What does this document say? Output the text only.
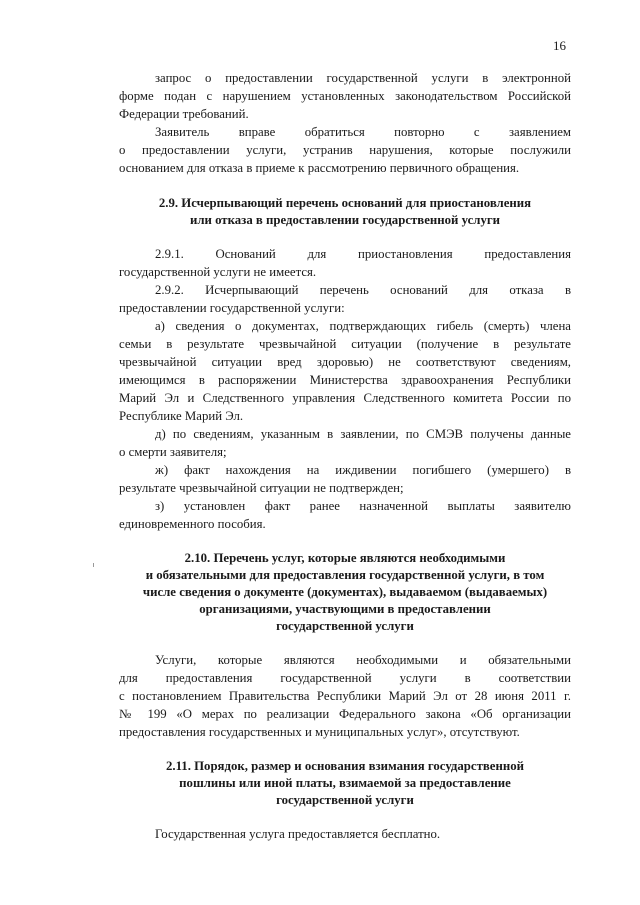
16
запрос о предоставлении государственной услуги в электронной
форме подан с нарушением установленных законодательством Российской
Федерации требований.
Заявитель вправе обратиться повторно с заявлением
о предоставлении услуги, устранив нарушения, которые послужили
основанием для отказа в приеме к рассмотрению первичного обращения.
2.9. Исчерпывающий перечень оснований для приостановления
или отказа в предоставлении государственной услуги
2.9.1. Оснований для приостановления предоставления
государственной услуги не имеется.
2.9.2. Исчерпывающий перечень оснований для отказа в
предоставлении государственной услуги:
а) сведения о документах, подтверждающих гибель (смерть) члена
семьи в результате чрезвычайной ситуации (получение в результате
чрезвычайной ситуации вред здоровью) не соответствуют сведениям,
имеющимся в распоряжении Министерства здравоохранения Республики
Марий Эл и Следственного управления Следственного комитета России по
Республике Марий Эл.
д) по сведениям, указанным в заявлении, по СМЭВ получены данные
о смерти заявителя;
ж) факт нахождения на иждивении погибшего (умершего) в
результате чрезвычайной ситуации не подтвержден;
з) установлен факт ранее назначенной выплаты заявителю
единовременного пособия.
2.10. Перечень услуг, которые являются необходимыми
и обязательными для предоставления государственной услуги, в том
числе сведения о документе (документах), выдаваемом (выдаваемых)
организациями, участвующими в предоставлении
государственной услуги
Услуги, которые являются необходимыми и обязательными
для предоставления государственной услуги в соответствии
с постановлением Правительства Республики Марий Эл от 28 июня 2011 г.
№ 199 «О мерах по реализации Федерального закона «Об организации
предоставления государственных и муниципальных услуг», отсутствуют.
2.11. Порядок, размер и основания взимания государственной
пошлины или иной платы, взимаемой за предоставление
государственной услуги
Государственная услуга предоставляется бесплатно.
